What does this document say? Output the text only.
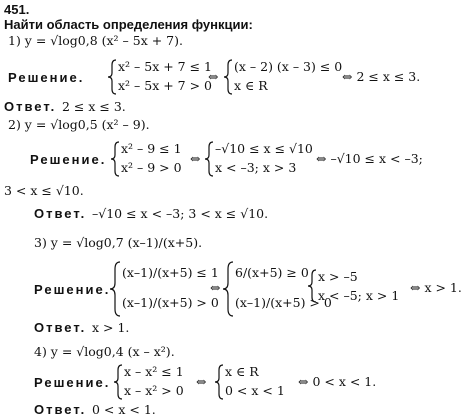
451.
Найти область определения функции:
1) y = √log0,8 (x² – 5x + 7).
Решение.
x² – 5x + 7 ≤ 1
x² – 5x + 7 > 0
⇔
(x – 2) (x – 3) ≤ 0
x ∈ R
⇔ 2 ≤ x ≤ 3.
Ответ. 2 ≤ x ≤ 3.
2) y = √log0,5 (x² – 9).
Решение.
x² – 9 ≤ 1
x² – 9 > 0
⇔
–√10 ≤ x ≤ √10
x < –3; x > 3
⇔ –√10 ≤ x < –3;
3 < x ≤ √10.
Ответ. –√10 ≤ x < –3; 3 < x ≤ √10.
3) y = √log0,7 (x–1)/(x+5).
Решение.
(x–1)/(x+5) ≤ 1
(x–1)/(x+5) > 0
⇔
6/(x+5) ≥ 0
(x–1)/(x+5) > 0
x > –5
x < –5; x > 1
⇔ x > 1.
Ответ. x > 1.
4) y = √log0,4 (x – x²).
Решение.
x – x² ≤ 1
x – x² > 0
⇔
x ∈ R
0 < x < 1
⇔ 0 < x < 1.
Ответ. 0 < x < 1.
